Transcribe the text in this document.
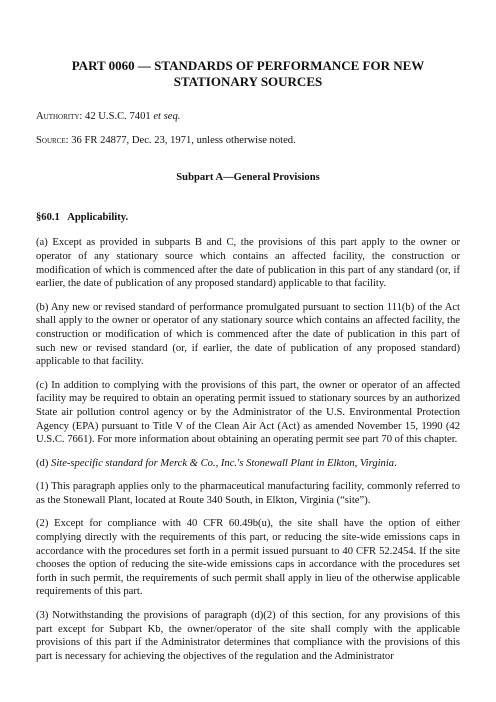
PART 0060 — STANDARDS OF PERFORMANCE FOR NEW STATIONARY SOURCES
Authority: 42 U.S.C. 7401 et seq.
Source: 36 FR 24877, Dec. 23, 1971, unless otherwise noted.
Subpart A—General Provisions
§60.1   Applicability.

(a) Except as provided in subparts B and C, the provisions of this part apply to the owner or operator of any stationary source which contains an affected facility, the construction or modification of which is commenced after the date of publication in this part of any standard (or, if earlier, the date of publication of any proposed standard) applicable to that facility.

(b) Any new or revised standard of performance promulgated pursuant to section 111(b) of the Act shall apply to the owner or operator of any stationary source which contains an affected facility, the construction or modification of which is commenced after the date of publication in this part of such new or revised standard (or, if earlier, the date of publication of any proposed standard) applicable to that facility.

(c) In addition to complying with the provisions of this part, the owner or operator of an affected facility may be required to obtain an operating permit issued to stationary sources by an authorized State air pollution control agency or by the Administrator of the U.S. Environmental Protection Agency (EPA) pursuant to Title V of the Clean Air Act (Act) as amended November 15, 1990 (42 U.S.C. 7661). For more information about obtaining an operating permit see part 70 of this chapter.

(d) Site-specific standard for Merck & Co., Inc.'s Stonewall Plant in Elkton, Virginia.

(1) This paragraph applies only to the pharmaceutical manufacturing facility, commonly referred to as the Stonewall Plant, located at Route 340 South, in Elkton, Virginia (“site”).

(2) Except for compliance with 40 CFR 60.49b(u), the site shall have the option of either complying directly with the requirements of this part, or reducing the site-wide emissions caps in accordance with the procedures set forth in a permit issued pursuant to 40 CFR 52.2454. If the site chooses the option of reducing the site-wide emissions caps in accordance with the procedures set forth in such permit, the requirements of such permit shall apply in lieu of the otherwise applicable requirements of this part.

(3) Notwithstanding the provisions of paragraph (d)(2) of this section, for any provisions of this part except for Subpart Kb, the owner/operator of the site shall comply with the applicable provisions of this part if the Administrator determines that compliance with the provisions of this part is necessary for achieving the objectives of the regulation and the Administrator
